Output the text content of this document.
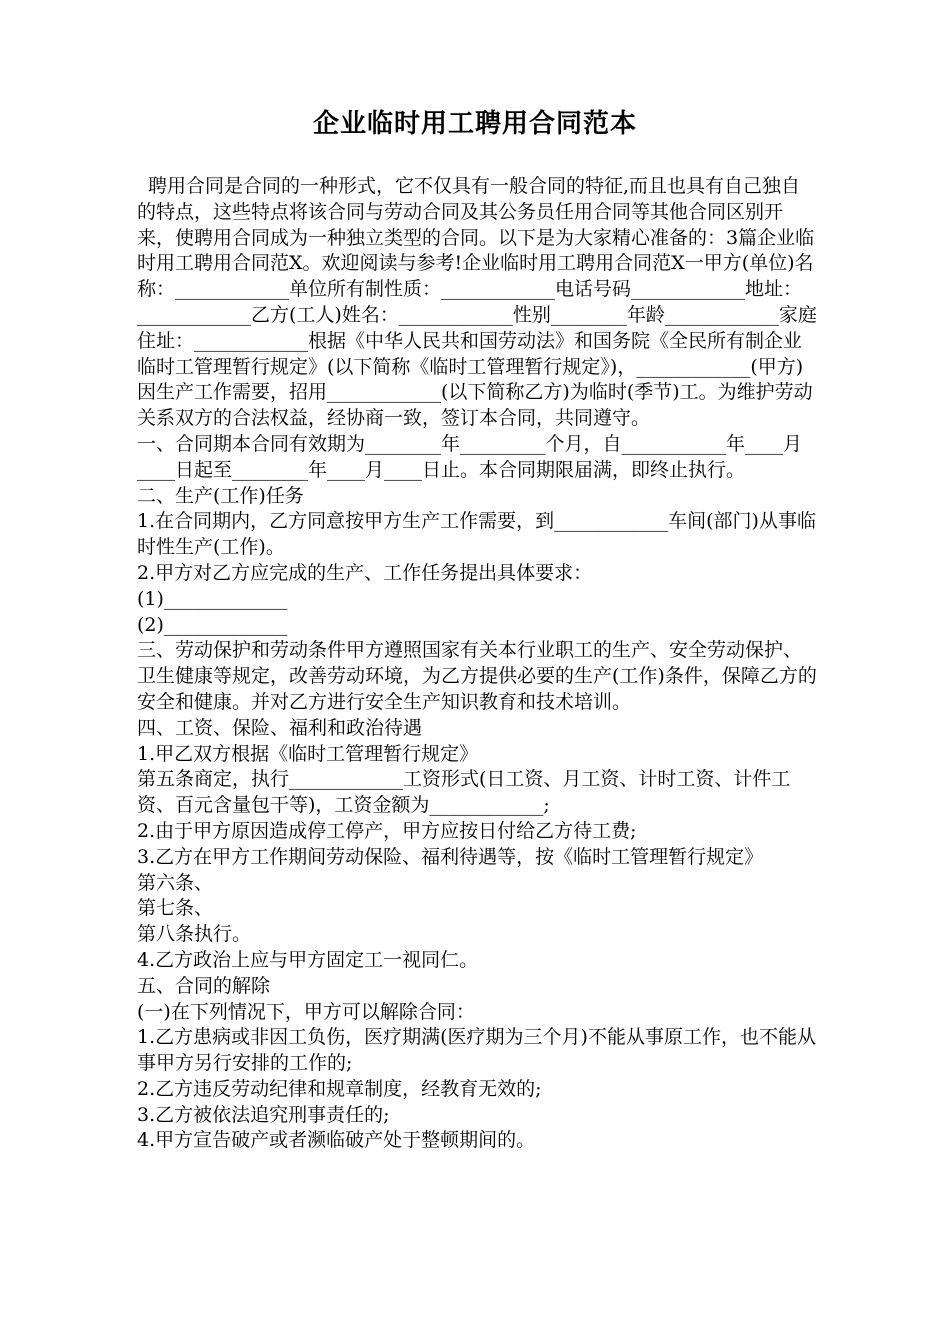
企业临时用工聘用合同范本

聘用合同是合同的一种形式，它不仅具有一般合同的特征,而且也具有自己独自的特点，这些特点将该合同与劳动合同及其公务员任用合同等其他合同区别开来，使聘用合同成为一种独立类型的合同。以下是为大家精心准备的：3篇企业临时用工聘用合同范X。欢迎阅读与参考!企业临时用工聘用合同范X一甲方(单位)名称：____________单位所有制性质：____________电话号码____________地址：____________乙方(工人)姓名：____________性别________年龄____________家庭住址：____________根据《中华人民共和国劳动法》和国务院《全民所有制企业临时工管理暂行规定》(以下简称《临时工管理暂行规定》)，____________(甲方)因生产工作需要，招用____________(以下简称乙方)为临时(季节)工。为维护劳动关系双方的合法权益，经协商一致，签订本合同，共同遵守。

一、合同期本合同有效期为________年_________个月，自___________年____月____日起至________年____月____日止。本合同期限届满，即终止执行。

二、生产(工作)任务

1.在合同期内，乙方同意按甲方生产工作需要，到____________车间(部门)从事临时性生产(工作)。

2.甲方对乙方应完成的生产、工作任务提出具体要求：

(1)_____________

(2)_____________

三、劳动保护和劳动条件甲方遵照国家有关本行业职工的生产、安全劳动保护、卫生健康等规定，改善劳动环境，为乙方提供必要的生产(工作)条件，保障乙方的安全和健康。并对乙方进行安全生产知识教育和技术培训。

四、工资、保险、福利和政治待遇

1.甲乙双方根据《临时工管理暂行规定》

第五条商定，执行____________工资形式(日工资、月工资、计时工资、计件工资、百元含量包干等)，工资金额为____________;

2.由于甲方原因造成停工停产，甲方应按日付给乙方待工费;

3.乙方在甲方工作期间劳动保险、福利待遇等，按《临时工管理暂行规定》

第六条、

第七条、

第八条执行。

4.乙方政治上应与甲方固定工一视同仁。

五、合同的解除

(一)在下列情况下，甲方可以解除合同：

1.乙方患病或非因工负伤，医疗期满(医疗期为三个月)不能从事原工作，也不能从事甲方另行安排的工作的;

2.乙方违反劳动纪律和规章制度，经教育无效的;

3.乙方被依法追究刑事责任的;

4.甲方宣告破产或者濒临破产处于整顿期间的。
